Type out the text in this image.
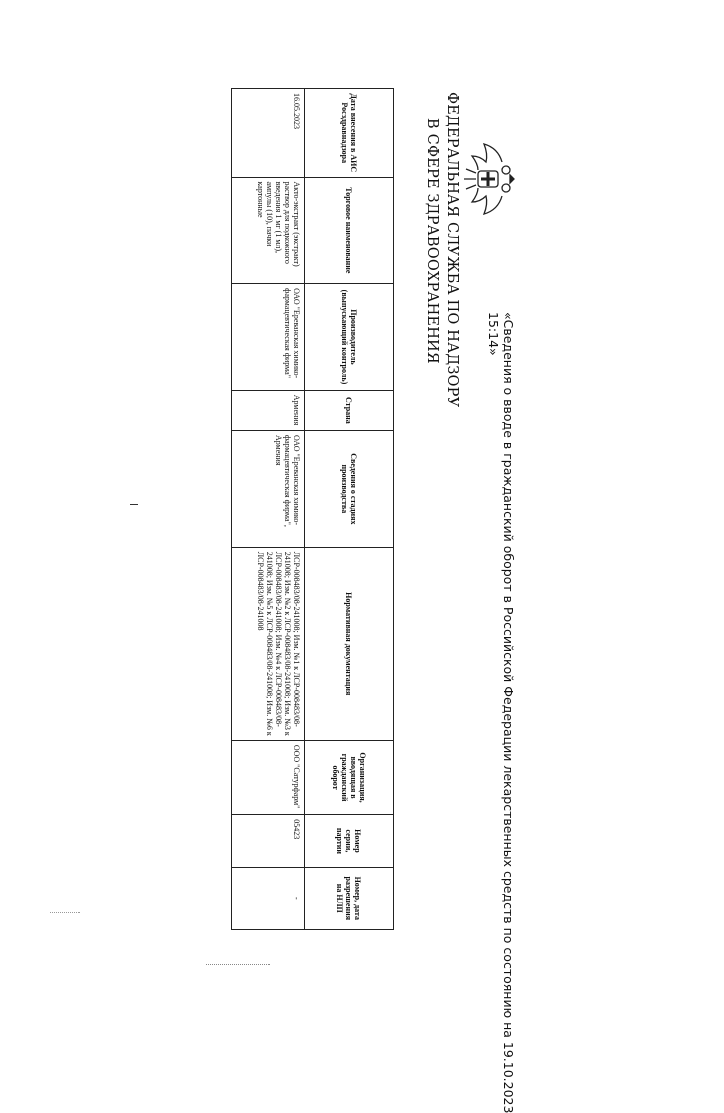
ФЕДЕРАЛЬНАЯ СЛУЖБА ПО НАДЗОРУ
В СФЕРЕ ЗДРАВООХРАНЕНИЯ
«Сведения о вводе в гражданский оборот в Российской Федерации лекарственных средств по состоянию на 19.10.2023
15:14»
Дата внесения в АИС Росздравнадзора	Торговое наименование	Производитель (выпускающий контроль)	Страна	Сведения о стадиях производства	Нормативная документация	Организация, вводящая в гражданский оборот	Номер серии, партии	Номер, дата разрешения на НЛП
16.05.2023	Акто-экстракт (экстракт) раствор для подкожного введения 1 мг (1 мл), ампулы (10), пачки картонные	ОАО "Ереванская химико-фармацевтическая фирма"	Армения	ОАО "Ереванская химико-фармацевтическая фирма", Армения	ЛСР-008483/08-241008; Изм. №1 к ЛСР-008483/08-241008; Изм. №2 к ЛСР-008483/08-241008; Изм. №3 к ЛСР-008483/08-241008; Изм. №4 к ЛСР-008483/08-241008; Изм. №5 к ЛСР-008483/08-241008; Изм. №6 к ЛСР-008483/08-241008	ООО "Сатурфарм"	05423	-
